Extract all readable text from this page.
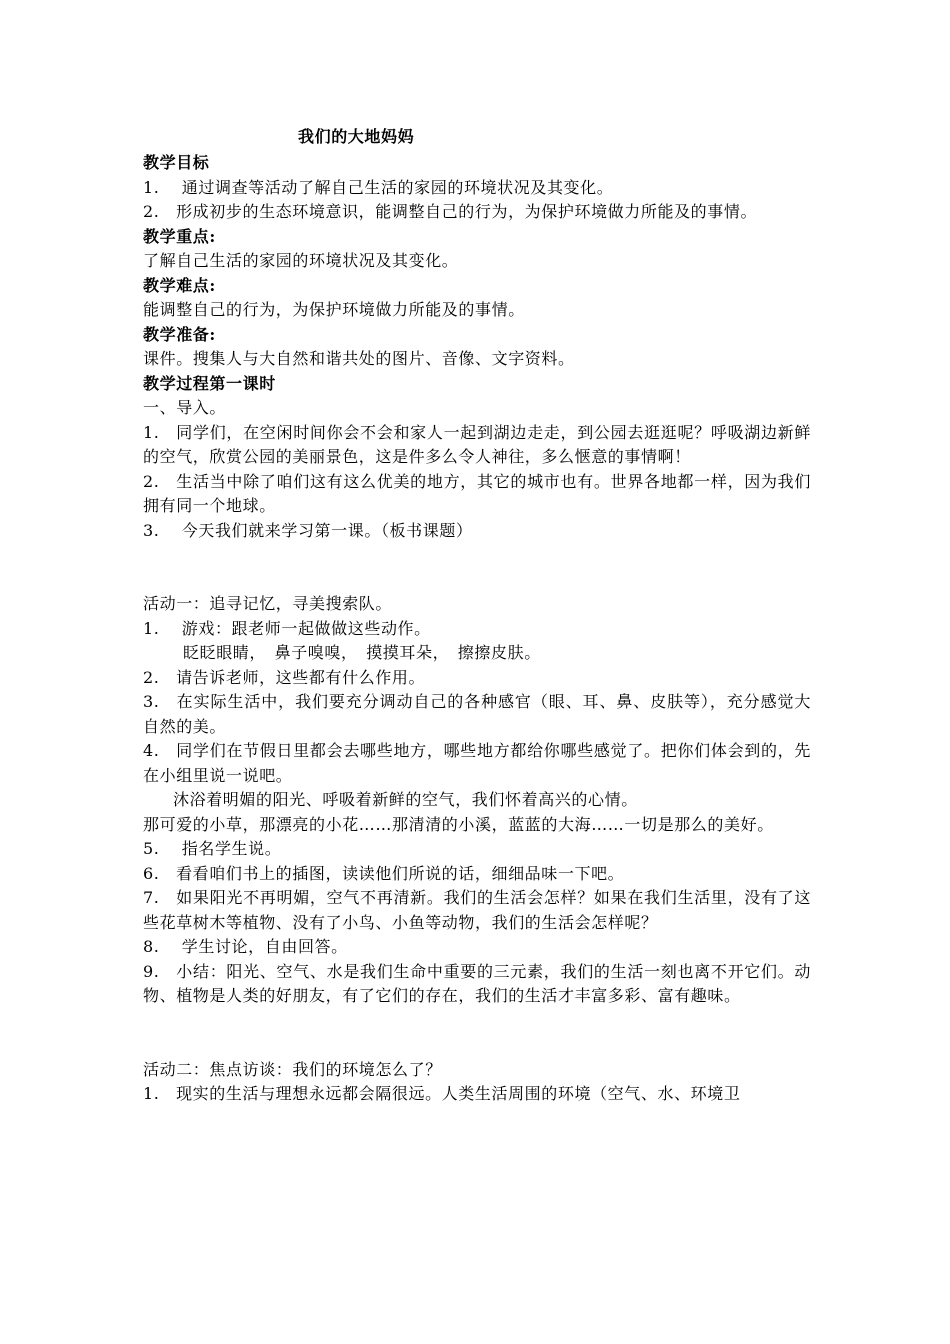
我们的大地妈妈

教学目标

1.　 通过调查等活动了解自己生活的家园的环境状况及其变化。

2.　形成初步的生态环境意识，能调整自己的行为，为保护环境做力所能及的事情。

教学重点:

了解自己生活的家园的环境状况及其变化。

教学难点:

能调整自己的行为，为保护环境做力所能及的事情。

教学准备:

课件。搜集人与大自然和谐共处的图片、音像、文字资料。

教学过程第一课时

一、导入。

1.　同学们，在空闲时间你会不会和家人一起到湖边走走，到公园去逛逛呢？呼吸湖边新鲜的空气，欣赏公园的美丽景色，这是件多么令人神往，多么惬意的事情啊！

2.　生活当中除了咱们这有这么优美的地方，其它的城市也有。世界各地都一样，因为我们拥有同一个地球。

3.　 今天我们就来学习第一课。（板书课题）

活动一：追寻记忆，寻美搜索队。

1.　 游戏：跟老师一起做做这些动作。

眨眨眼睛，　鼻子嗅嗅，　摸摸耳朵，　擦擦皮肤。

2.　请告诉老师，这些都有什么作用。

3.　在实际生活中，我们要充分调动自己的各种感官（眼、耳、鼻、皮肤等），充分感觉大自然的美。

4.　同学们在节假日里都会去哪些地方，哪些地方都给你哪些感觉了。把你们体会到的，先在小组里说一说吧。

沐浴着明媚的阳光、呼吸着新鲜的空气，我们怀着高兴的心情。

那可爱的小草，那漂亮的小花……那清清的小溪，蓝蓝的大海……一切是那么的美好。

5.　 指名学生说。

6.　看看咱们书上的插图，读读他们所说的话，细细品味一下吧。

7.　如果阳光不再明媚，空气不再清新。我们的生活会怎样？如果在我们生活里，没有了这些花草树木等植物、没有了小鸟、小鱼等动物，我们的生活会怎样呢？

8.　 学生讨论，自由回答。

9.　小结：阳光、空气、水是我们生命中重要的三元素，我们的生活一刻也离不开它们。动物、植物是人类的好朋友，有了它们的存在，我们的生活才丰富多彩、富有趣味。

活动二：焦点访谈：我们的环境怎么了？

1.　现实的生活与理想永远都会隔很远。人类生活周围的环境（空气、水、环境卫
